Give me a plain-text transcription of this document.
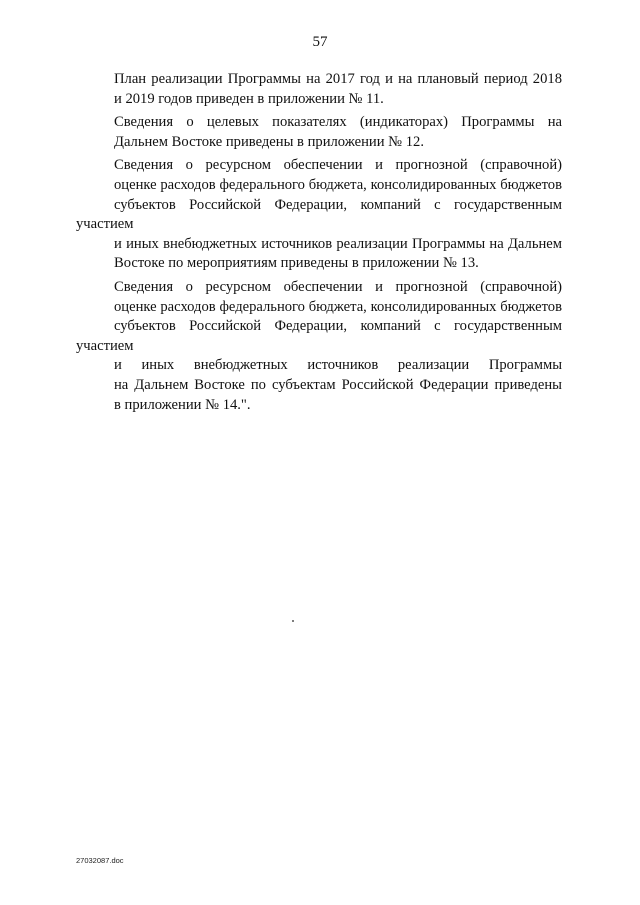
57

План реализации Программы на 2017 год и на плановый период 2018
и 2019 годов приведен в приложении № 11.

Сведения о целевых показателях (индикаторах) Программы на
Дальнем Востоке приведены в приложении № 12.

Сведения о ресурсном обеспечении и прогнозной (справочной)
оценке расходов федерального бюджета, консолидированных бюджетов
субъектов Российской Федерации, компаний с государственным участием
и иных внебюджетных источников реализации Программы на Дальнем
Востоке по мероприятиям приведены в приложении № 13.

Сведения о ресурсном обеспечении и прогнозной (справочной)
оценке расходов федерального бюджета, консолидированных бюджетов
субъектов Российской Федерации, компаний с государственным участием
и иных внебюджетных источников реализации Программы
на Дальнем Востоке по субъектам Российской Федерации приведены
в приложении № 14.".

27032087.doc
